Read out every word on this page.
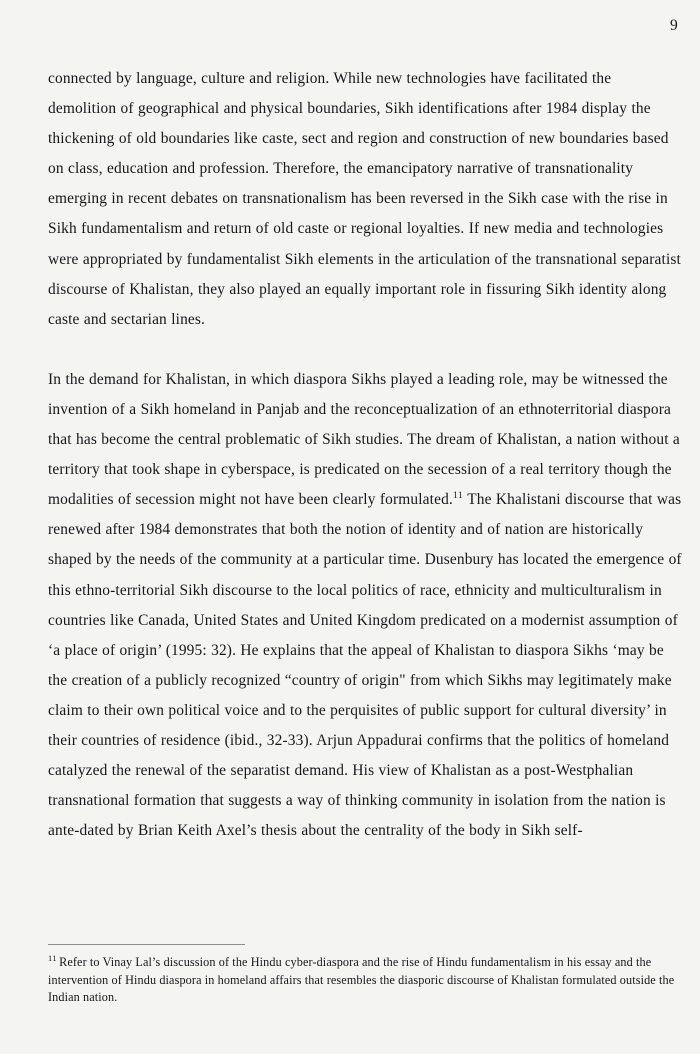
9

connected by language, culture and religion. While new technologies have facilitated the demolition of geographical and physical boundaries, Sikh identifications after 1984 display the thickening of old boundaries like caste, sect and region and construction of new boundaries based on class, education and profession. Therefore, the emancipatory narrative of transnationality emerging in recent debates on transnationalism has been reversed in the Sikh case with the rise in Sikh fundamentalism and return of old caste or regional loyalties. If new media and technologies were appropriated by fundamentalist Sikh elements in the articulation of the transnational separatist discourse of Khalistan, they also played an equally important role in fissuring Sikh identity along caste and sectarian lines.

In the demand for Khalistan, in which diaspora Sikhs played a leading role, may be witnessed the invention of a Sikh homeland in Panjab and the reconceptualization of an ethnoterritorial diaspora that has become the central problematic of Sikh studies. The dream of Khalistan, a nation without a territory that took shape in cyberspace, is predicated on the secession of a real territory though the modalities of secession might not have been clearly formulated.$^{11}$ The Khalistani discourse that was renewed after 1984 demonstrates that both the notion of identity and of nation are historically shaped by the needs of the community at a particular time. Dusenbury has located the emergence of this ethno-territorial Sikh discourse to the local politics of race, ethnicity and multiculturalism in countries like Canada, United States and United Kingdom predicated on a modernist assumption of ‘a place of origin’ (1995: 32). He explains that the appeal of Khalistan to diaspora Sikhs ‘may be the creation of a publicly recognized “country of origin" from which Sikhs may legitimately make claim to their own political voice and to the perquisites of public support for cultural diversity’ in their countries of residence (ibid., 32-33). Arjun Appadurai confirms that the politics of homeland catalyzed the renewal of the separatist demand. His view of Khalistan as a post-Westphalian transnational formation that suggests a way of thinking community in isolation from the nation is ante-dated by Brian Keith Axel’s thesis about the centrality of the body in Sikh self-

$^{11}$ Refer to Vinay Lal’s discussion of the Hindu cyber-diaspora and the rise of Hindu fundamentalism in his essay and the intervention of Hindu diaspora in homeland affairs that resembles the diasporic discourse of Khalistan formulated outside the Indian nation.
